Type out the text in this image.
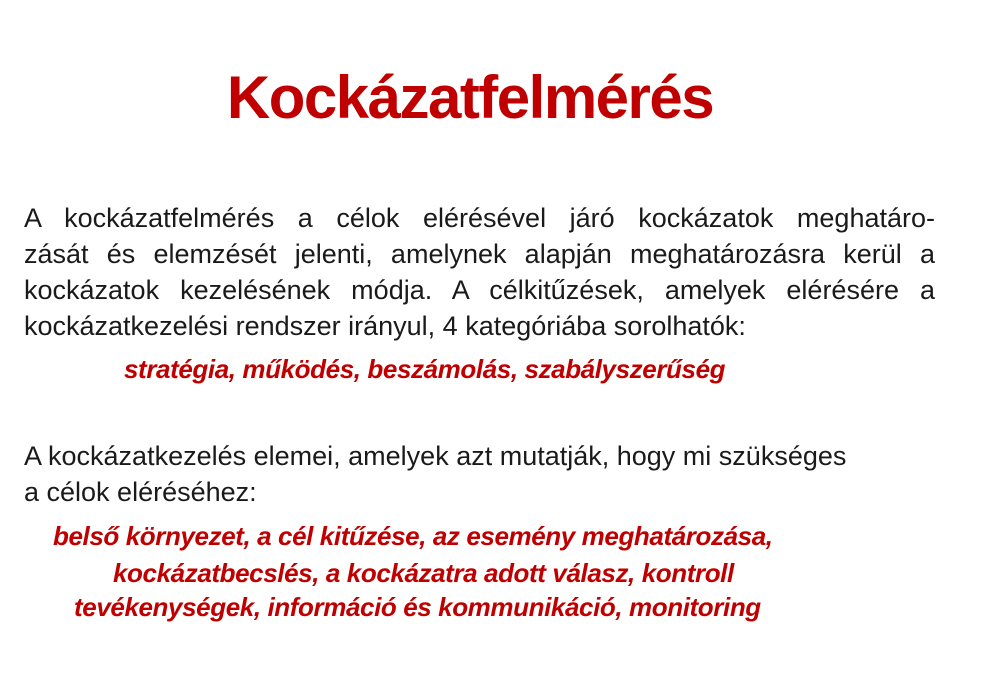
Kockázatfelmérés

A kockázatfelmérés a célok elérésével járó kockázatok meghatáro-
zását és elemzését jelenti, amelynek alapján meghatározásra kerül a
kockázatok kezelésének módja. A célkitűzések, amelyek elérésére a
kockázatkezelési rendszer irányul, 4 kategóriába sorolhatók:

stratégia, működés, beszámolás, szabályszerűség

A kockázatkezelés elemei, amelyek azt mutatják, hogy mi szükséges
a célok eléréséhez:

belső környezet, a cél kitűzése, az esemény meghatározása,
kockázatbecslés, a kockázatra adott válasz, kontroll
tevékenységek, információ és kommunikáció, monitoring
